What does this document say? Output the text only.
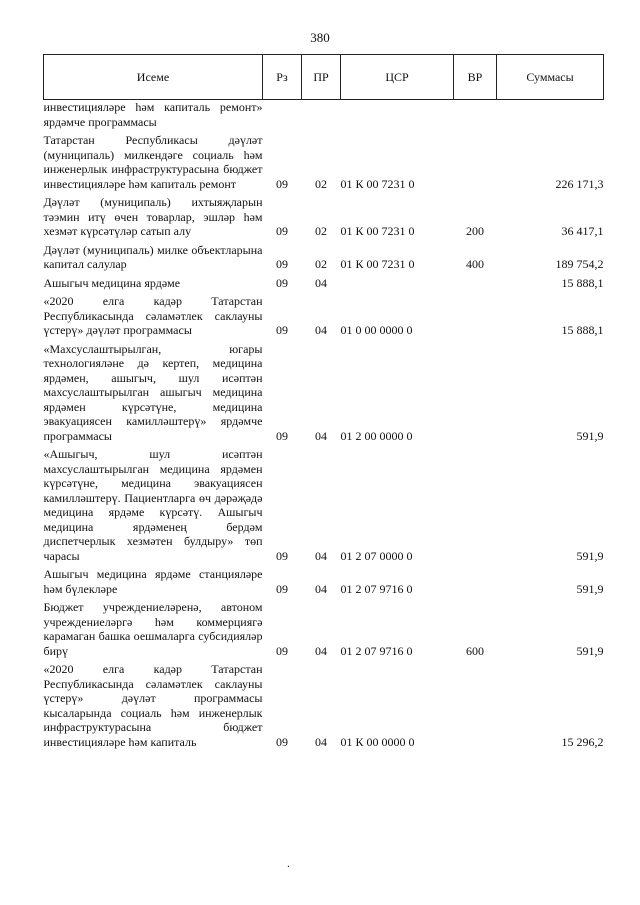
380
Исеме	Рз	ПР	ЦСР	ВР	Суммасы
инвестицияләре һәм капиталь ремонт» ярдәмче программасы					
Татарстан Республикасы дәүләт (муниципаль) милкендәге социаль һәм инженерлык инфраструктурасына бюджет инвестицияләре һәм капиталь ремонт	09	02	01 К 00 7231 0		226 171,3
Дәүләт (муниципаль) ихтыяҗларын тәэмин итү өчен товарлар, эшләр һәм хезмәт күрсәтүләр сатып алу	09	02	01 К 00 7231 0	200	36 417,1
Дәүләт (муниципаль) милке объектларына капитал салулар	09	02	01 К 00 7231 0	400	189 754,2
Ашыгыч медицина ярдәме	09	04			15 888,1
«2020 елга кадәр Татарстан Республикасында сәламәтлек саклауны үстерү» дәүләт программасы	09	04	01 0 00 0000 0		15 888,1
«Махсуслаштырылган, югары технологияләне дә кертеп, медицина ярдәмен, ашыгыч, шул исәптән махсуслаштырылган ашыгыч медицина ярдәмен күрсәтүне, медицина эвакуациясен камилләштерү» ярдәмче программасы	09	04	01 2 00 0000 0		591,9
«Ашыгыч, шул исәптән махсуслаштырылган медицина ярдәмен күрсәтүне, медицина эвакуациясен камилләштерү. Пациентларга өч дәрәҗәдә медицина ярдәме күрсәтү. Ашыгыч медицина ярдәменең бердәм диспетчерлык хезмәтен булдыру» төп чарасы	09	04	01 2 07 0000 0		591,9
Ашыгыч медицина ярдәме станцияләре һәм бүлекләре	09	04	01 2 07 9716 0		591,9
Бюджет учреждениеләренә, автоном учреждениеләргә һәм коммерциягә карамаган башка оешмаларга субсидияләр бирү	09	04	01 2 07 9716 0	600	591,9
«2020 елга кадәр Татарстан Республикасында сәламәтлек саклауны үстерү» дәүләт программасы кысаларында социаль һәм инженерлык инфраструктурасына бюджет инвестицияләре һәм капиталь	09	04	01 К 00 0000 0		15 296,2
.
